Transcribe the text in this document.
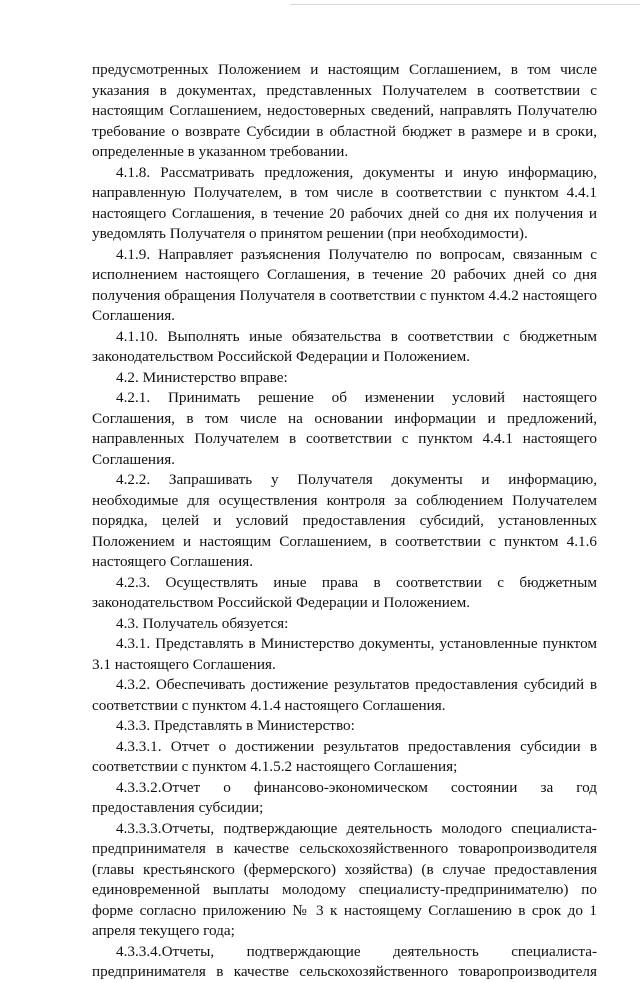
предусмотренных Положением и настоящим Соглашением, в том числе
указания в документах, представленных Получателем в соответствии с
настоящим Соглашением, недостоверных сведений, направлять Получателю
требование о возврате Субсидии в областной бюджет в размере и в сроки,
определенные в указанном требовании.
4.1.8. Рассматривать предложения, документы и иную информацию,
направленную Получателем, в том числе в соответствии с пунктом 4.4.1
настоящего Соглашения, в течение 20 рабочих дней со дня их получения и
уведомлять Получателя о принятом решении (при необходимости).
4.1.9. Направляет разъяснения Получателю по вопросам, связанным с
исполнением настоящего Соглашения, в течение 20 рабочих дней со дня
получения обращения Получателя в соответствии с пунктом 4.4.2 настоящего
Соглашения.
4.1.10. Выполнять иные обязательства в соответствии с бюджетным
законодательством Российской Федерации и Положением.
4.2. Министерство вправе:
4.2.1. Принимать решение об изменении условий настоящего
Соглашения, в том числе на основании информации и предложений,
направленных Получателем в соответствии с пунктом 4.4.1 настоящего
Соглашения.
4.2.2. Запрашивать у Получателя документы и информацию,
необходимые для осуществления контроля за соблюдением Получателем
порядка, целей и условий предоставления субсидий, установленных
Положением и настоящим Соглашением, в соответствии с пунктом 4.1.6
настоящего Соглашения.
4.2.3. Осуществлять иные права в соответствии с бюджетным
законодательством Российской Федерации и Положением.
4.3. Получатель обязуется:
4.3.1. Представлять в Министерство документы, установленные пунктом
3.1 настоящего Соглашения.
4.3.2. Обеспечивать достижение результатов предоставления субсидий в
соответствии с пунктом 4.1.4 настоящего Соглашения.
4.3.3. Представлять в Министерство:
4.3.3.1. Отчет о достижении результатов предоставления субсидии в
соответствии с пунктом 4.1.5.2 настоящего Соглашения;
4.3.3.2.Отчет о финансово-экономическом состоянии за год
предоставления субсидии;
4.3.3.3.Отчеты, подтверждающие деятельность молодого специалиста-
предпринимателя в качестве сельскохозяйственного товаропроизводителя
(главы крестьянского (фермерского) хозяйства) (в случае предоставления
единовременной выплаты молодому специалисту-предпринимателю) по
форме согласно приложению № 3 к настоящему Соглашению в срок до 1
апреля текущего года;
4.3.3.4.Отчеты, подтверждающие деятельность специалиста-
предпринимателя в качестве сельскохозяйственного товаропроизводителя
